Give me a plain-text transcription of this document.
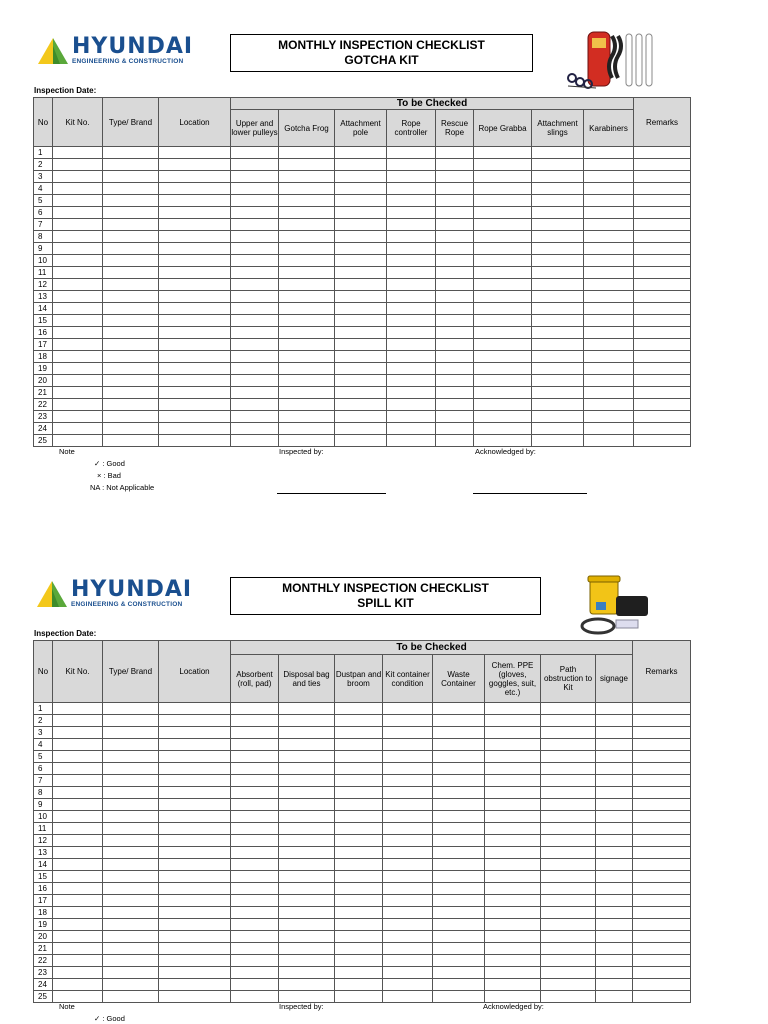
HYUNDAI
ENGINEERING & CONSTRUCTION
MONTHLY INSPECTION CHECKLIST
GOTCHA KIT
Inspection Date:
No	Kit No.	Type/ Brand	Location	To be Checked								Remarks
				Upper and lower pulleys	Gotcha Frog	Attachment pole	Rope controller	Rescue Rope	Rope Grabba	Attachment slings	Karabiners	
1												
2												
3												
4												
5												
6												
7												
8												
9												
10												
11												
12												
13												
14												
15												
16												
17												
18												
19												
20												
21												
22												
23												
24												
25												
Note
✓ : Good
× : Bad
NA : Not Applicable
Inspected by:	Acknowledged by:
HYUNDAI
ENGINEERING & CONSTRUCTION
MONTHLY INSPECTION CHECKLIST
SPILL KIT
Inspection Date:
No	Kit No.	Type/ Brand	Location	To be Checked								Remarks
				Absorbent (roll, pad)	Disposal bag and ties	Dustpan and broom	Kit container condition	Waste Container	Chem. PPE (gloves, goggles, suit, etc.)	Path obstruction to Kit	signage	
1												
2												
3												
4												
5												
6												
7												
8												
9												
10												
11												
12												
13												
14												
15												
16												
17												
18												
19												
20												
21												
22												
23												
24												
25												
Note
✓ : Good
Inspected by:	Acknowledged by:
